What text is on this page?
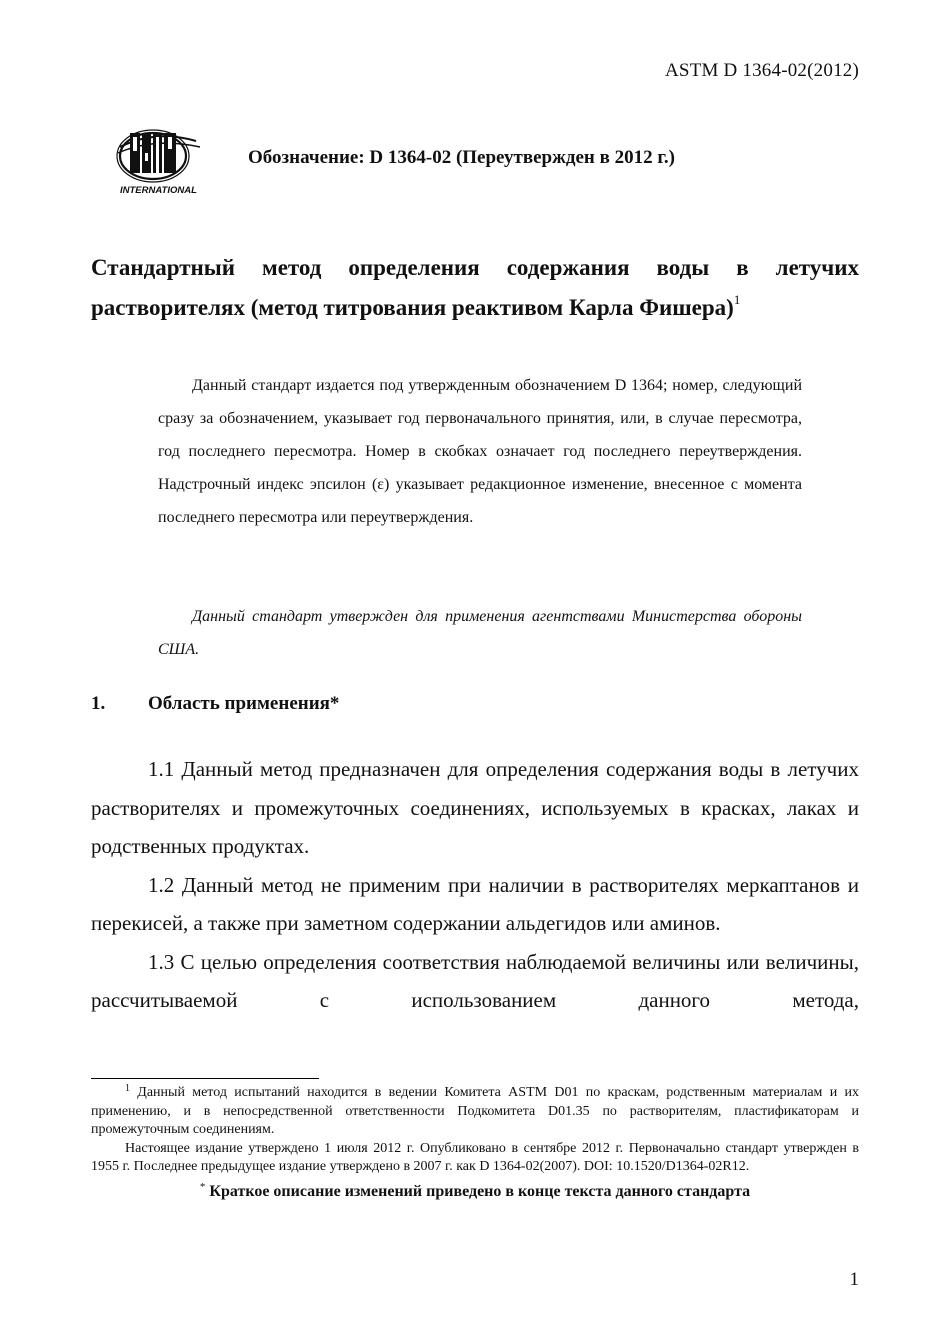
ASTM D 1364-02(2012)
INTERNATIONAL
Обозначение: D 1364-02 (Переутвержден в 2012 г.)
Стандартный метод определения содержания воды в летучих растворителях (метод титрования реактивом Карла Фишера)$^1$

Данный стандарт издается под утвержденным обозначением D 1364; номер, следующий сразу за обозначением, указывает год первоначального принятия, или, в случае пересмотра, год последнего пересмотра. Номер в скобках означает год последнего переутверждения. Надстрочный индекс эпсилон (ε) указывает редакционное изменение, внесенное с момента последнего пересмотра или переутверждения.

Данный стандарт утвержден для применения агентствами Министерства обороны США.

1. Область применения*

1.1 Данный метод предназначен для определения содержания воды в летучих растворителях и промежуточных соединениях, используемых в красках, лаках и родственных продуктах.

1.2 Данный метод не применим при наличии в растворителях меркаптанов и перекисей, а также при заметном содержании альдегидов или аминов.

1.3 С целью определения соответствия наблюдаемой величины или величины, рассчитываемой с использованием данного метода,

$^1$ Данный метод испытаний находится в ведении Комитета ASTM D01 по краскам, родственным материалам и их применению, и в непосредственной ответственности Подкомитета D01.35 по растворителям, пластификаторам и промежуточным соединениям.

Настоящее издание утверждено 1 июля 2012 г. Опубликовано в сентябре 2012 г. Первоначально стандарт утвержден в 1955 г. Последнее предыдущее издание утверждено в 2007 г. как D 1364-02(2007). DOI: 10.1520/D1364-02R12.

* Краткое описание изменений приведено в конце текста данного стандарта

1
